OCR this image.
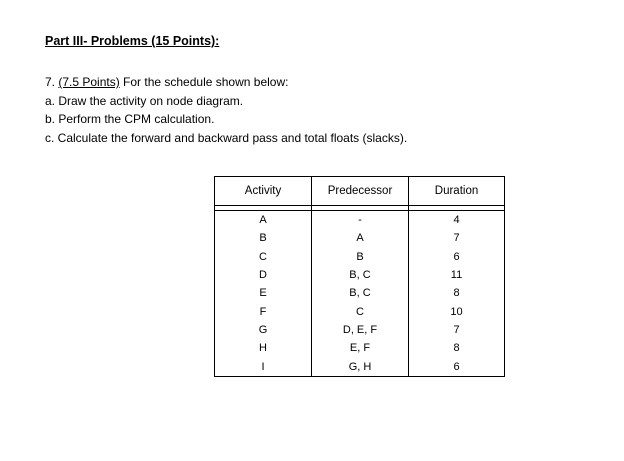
Part III- Problems (15 Points):
7. (7.5 Points) For the schedule shown below:
a. Draw the activity on node diagram.
b. Perform the CPM calculation.
c. Calculate the forward and backward pass and total floats (slacks).
Activity	Predecessor	Duration

A	-	4
B	A	7
C	B	6
D	B, C	11
E	B, C	8
F	C	10
G	D, E, F	7
H	E, F	8
I	G, H	6
